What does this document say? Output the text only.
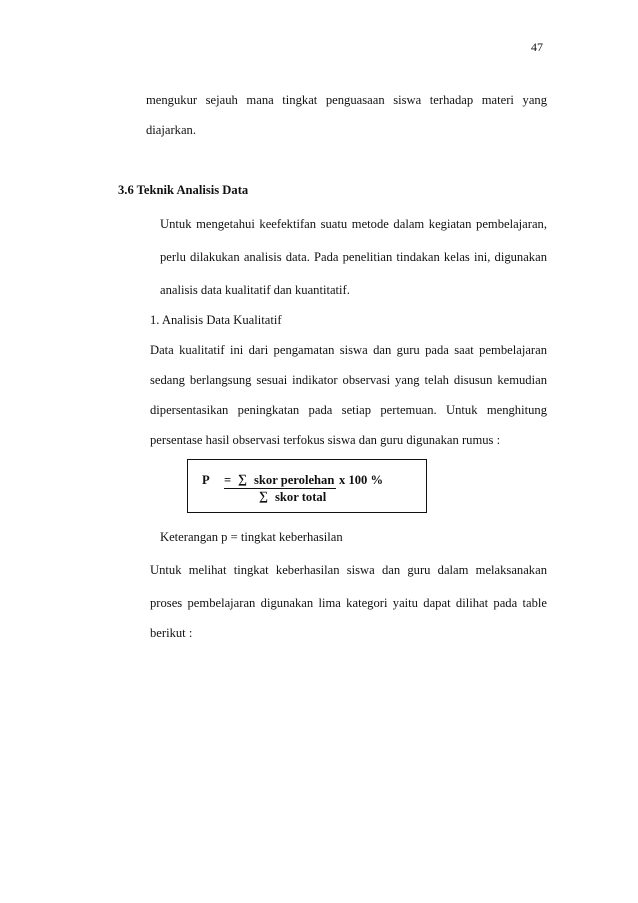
47
mengukur sejauh mana tingkat penguasaan siswa terhadap materi yang
diajarkan.
3.6 Teknik Analisis Data
Untuk mengetahui keefektifan suatu metode dalam kegiatan pembelajaran,
perlu dilakukan analisis data. Pada penelitian tindakan kelas ini, digunakan
analisis data kualitatif dan kuantitatif.
1. Analisis Data Kualitatif
Data kualitatif ini dari pengamatan siswa dan guru pada saat pembelajaran
sedang berlangsung sesuai indikator observasi yang telah disusun kemudian
dipersentasikan peningkatan pada setiap pertemuan. Untuk menghitung
persentase hasil observasi terfokus siswa dan guru digunakan rumus :
P = ∑ skor perolehan x 100 %
∑ skor total
Keterangan p = tingkat keberhasilan
Untuk melihat tingkat keberhasilan siswa dan guru dalam melaksanakan
proses pembelajaran digunakan lima kategori yaitu dapat dilihat pada table
berikut :
